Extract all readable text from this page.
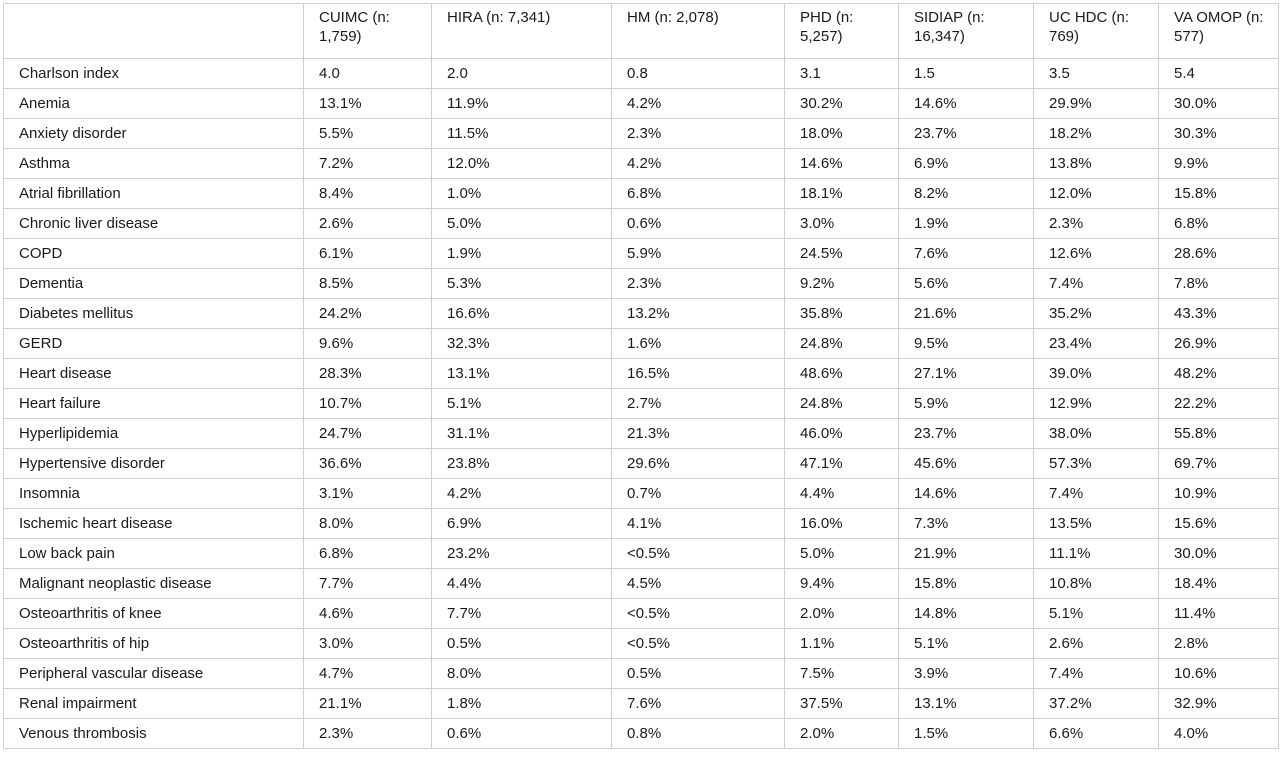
	CUIMC (n: 1,759)	HIRA (n: 7,341)	HM (n: 2,078)	PHD (n: 5,257)	SIDIAP (n: 16,347)	UC HDC (n: 769)	VA OMOP (n: 577)
Charlson index	4.0	2.0	0.8	3.1	1.5	3.5	5.4
Anemia	13.1%	11.9%	4.2%	30.2%	14.6%	29.9%	30.0%
Anxiety disorder	5.5%	11.5%	2.3%	18.0%	23.7%	18.2%	30.3%
Asthma	7.2%	12.0%	4.2%	14.6%	6.9%	13.8%	9.9%
Atrial fibrillation	8.4%	1.0%	6.8%	18.1%	8.2%	12.0%	15.8%
Chronic liver disease	2.6%	5.0%	0.6%	3.0%	1.9%	2.3%	6.8%
COPD	6.1%	1.9%	5.9%	24.5%	7.6%	12.6%	28.6%
Dementia	8.5%	5.3%	2.3%	9.2%	5.6%	7.4%	7.8%
Diabetes mellitus	24.2%	16.6%	13.2%	35.8%	21.6%	35.2%	43.3%
GERD	9.6%	32.3%	1.6%	24.8%	9.5%	23.4%	26.9%
Heart disease	28.3%	13.1%	16.5%	48.6%	27.1%	39.0%	48.2%
Heart failure	10.7%	5.1%	2.7%	24.8%	5.9%	12.9%	22.2%
Hyperlipidemia	24.7%	31.1%	21.3%	46.0%	23.7%	38.0%	55.8%
Hypertensive disorder	36.6%	23.8%	29.6%	47.1%	45.6%	57.3%	69.7%
Insomnia	3.1%	4.2%	0.7%	4.4%	14.6%	7.4%	10.9%
Ischemic heart disease	8.0%	6.9%	4.1%	16.0%	7.3%	13.5%	15.6%
Low back pain	6.8%	23.2%	<0.5%	5.0%	21.9%	11.1%	30.0%
Malignant neoplastic disease	7.7%	4.4%	4.5%	9.4%	15.8%	10.8%	18.4%
Osteoarthritis of knee	4.6%	7.7%	<0.5%	2.0%	14.8%	5.1%	11.4%
Osteoarthritis of hip	3.0%	0.5%	<0.5%	1.1%	5.1%	2.6%	2.8%
Peripheral vascular disease	4.7%	8.0%	0.5%	7.5%	3.9%	7.4%	10.6%
Renal impairment	21.1%	1.8%	7.6%	37.5%	13.1%	37.2%	32.9%
Venous thrombosis	2.3%	0.6%	0.8%	2.0%	1.5%	6.6%	4.0%
